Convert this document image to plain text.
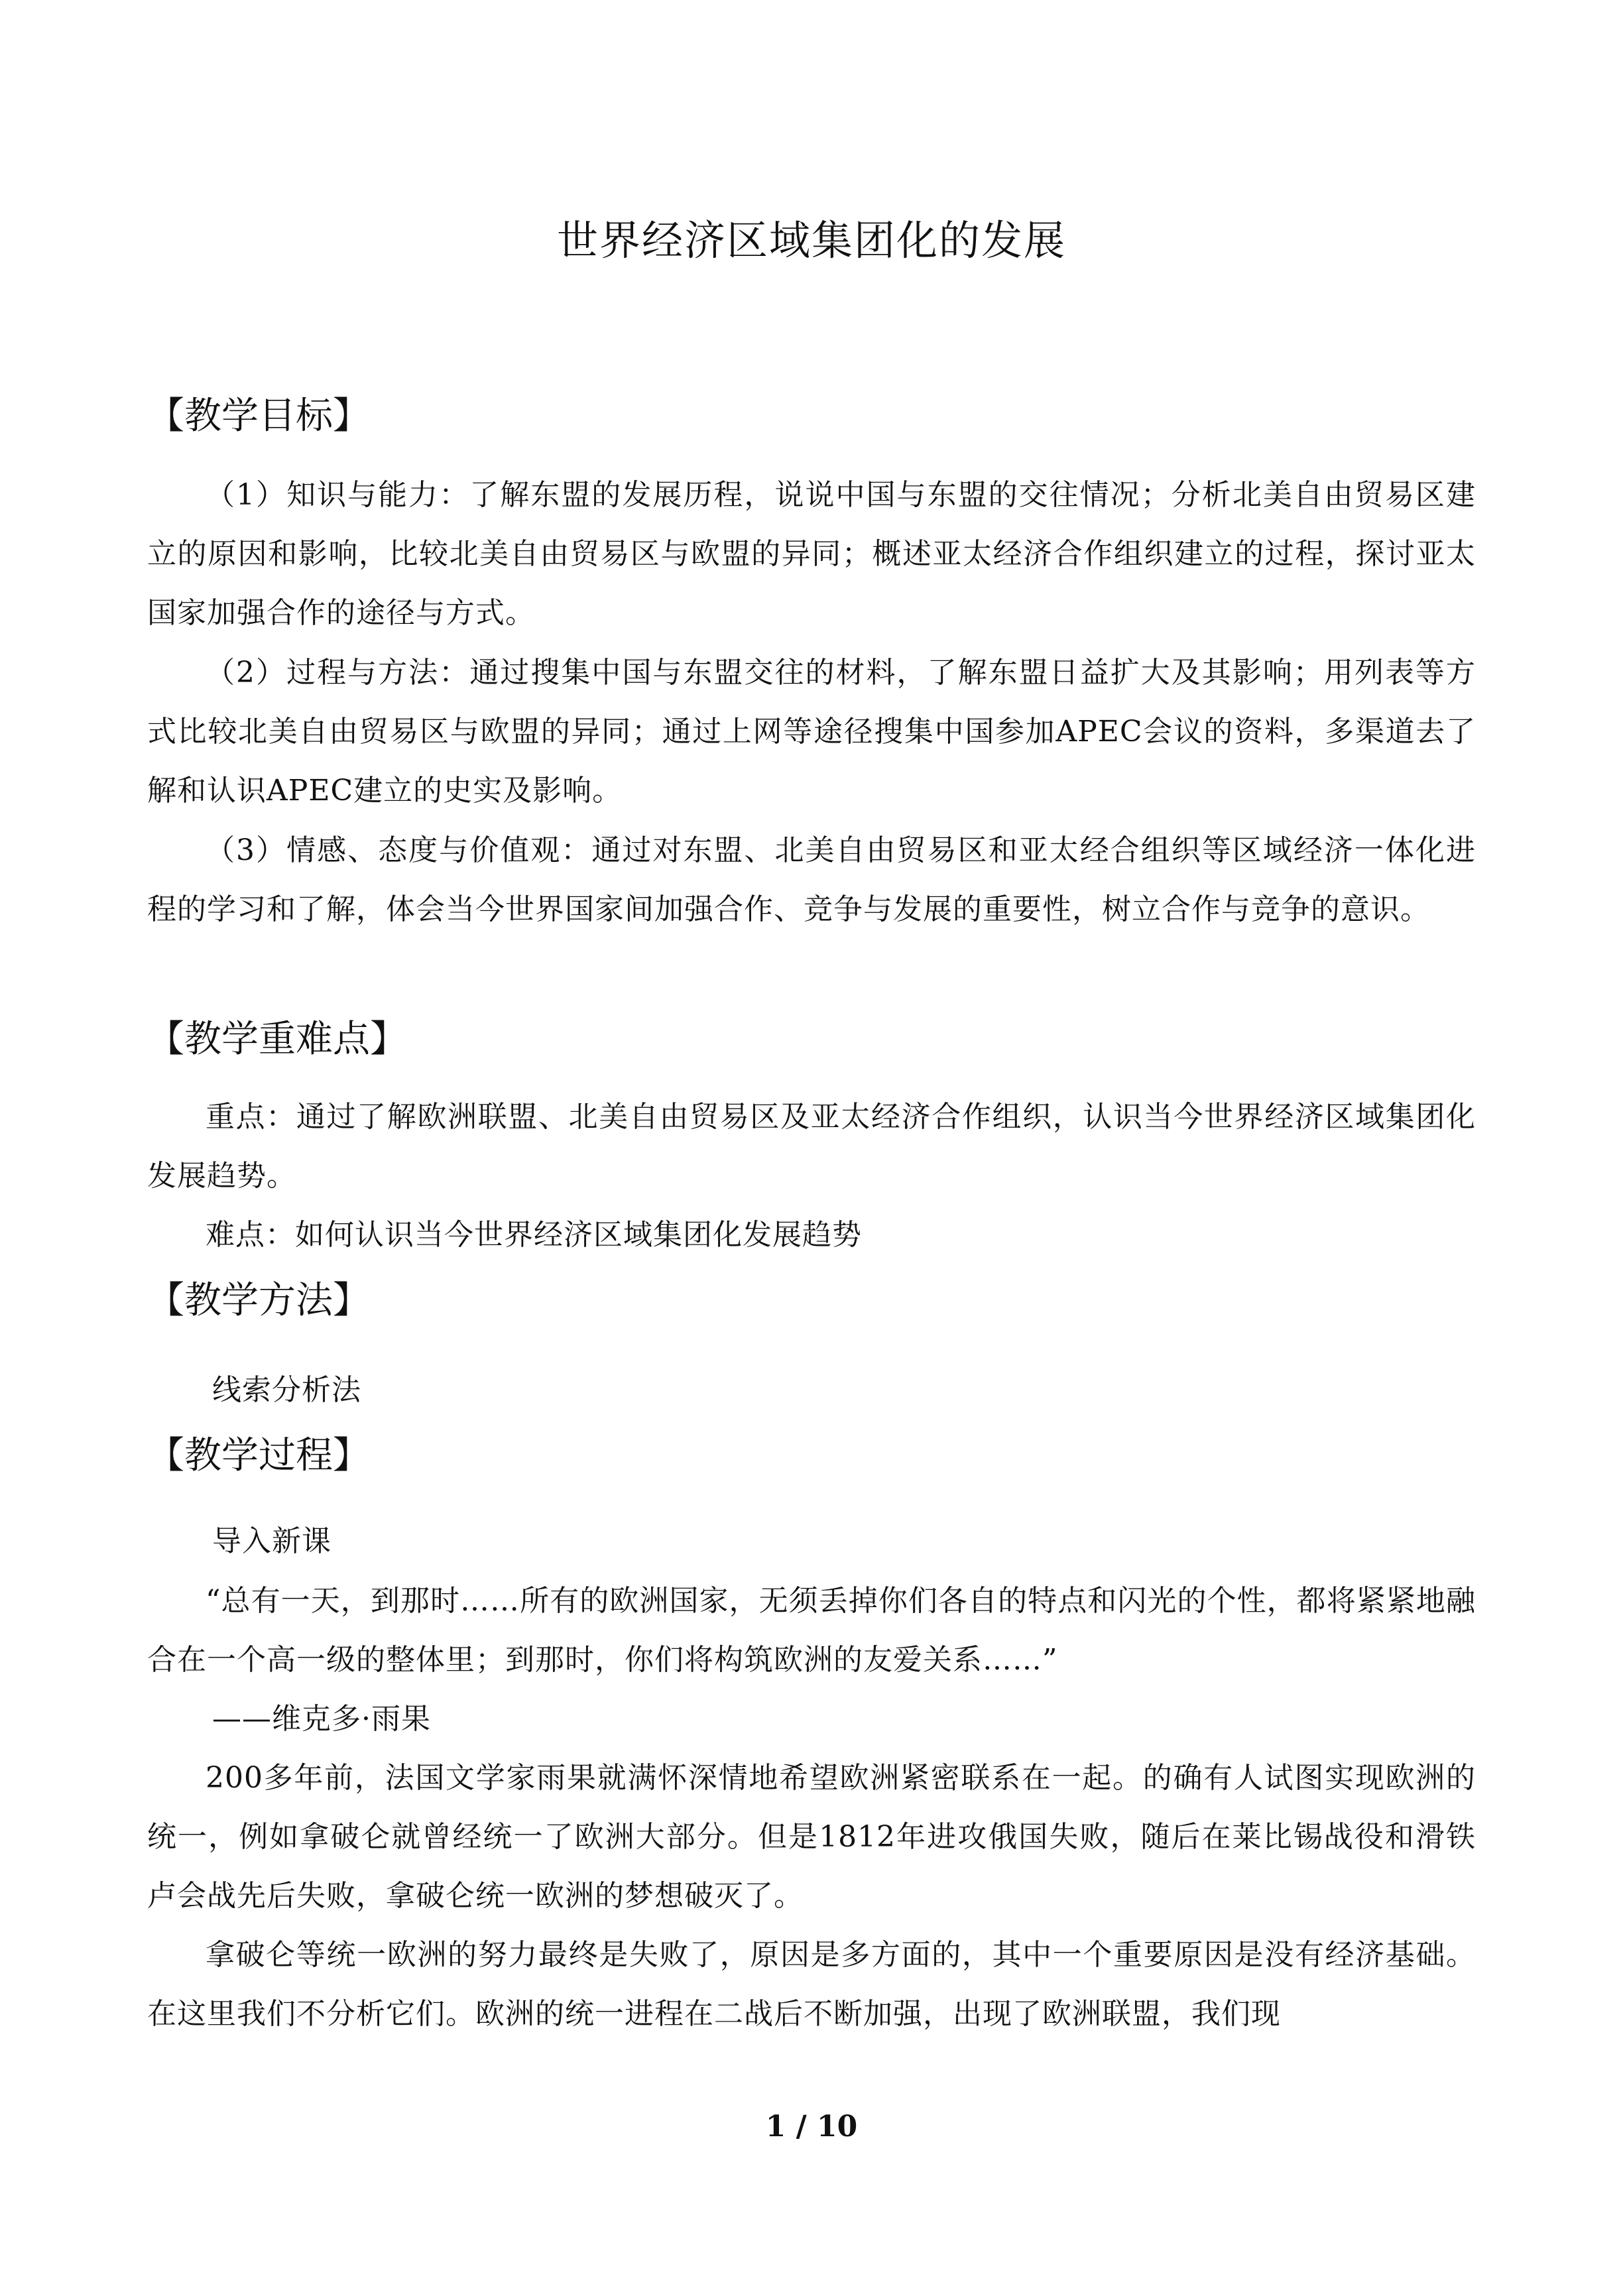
世界经济区域集团化的发展
【教学目标】
（1）知识与能力：了解东盟的发展历程，说说中国与东盟的交往情况；分析北美自由贸易区建立的原因和影响，比较北美自由贸易区与欧盟的异同；概述亚太经济合作组织建立的过程，探讨亚太国家加强合作的途径与方式。
（2）过程与方法：通过搜集中国与东盟交往的材料，了解东盟日益扩大及其影响；用列表等方式比较北美自由贸易区与欧盟的异同；通过上网等途径搜集中国参加APEC会议的资料，多渠道去了解和认识APEC建立的史实及影响。
（3）情感、态度与价值观：通过对东盟、北美自由贸易区和亚太经合组织等区域经济一体化进程的学习和了解，体会当今世界国家间加强合作、竞争与发展的重要性，树立合作与竞争的意识。
【教学重难点】
重点：通过了解欧洲联盟、北美自由贸易区及亚太经济合作组织，认识当今世界经济区域集团化发展趋势。
难点：如何认识当今世界经济区域集团化发展趋势
【教学方法】
线索分析法
【教学过程】
导入新课
“总有一天，到那时……所有的欧洲国家，无须丢掉你们各自的特点和闪光的个性，都将紧紧地融合在一个高一级的整体里；到那时，你们将构筑欧洲的友爱关系……”
——维克多·雨果
200多年前，法国文学家雨果就满怀深情地希望欧洲紧密联系在一起。的确有人试图实现欧洲的统一，例如拿破仑就曾经统一了欧洲大部分。但是1812年进攻俄国失败，随后在莱比锡战役和滑铁卢会战先后失败，拿破仑统一欧洲的梦想破灭了。
拿破仑等统一欧洲的努力最终是失败了，原因是多方面的，其中一个重要原因是没有经济基础。在这里我们不分析它们。欧洲的统一进程在二战后不断加强，出现了欧洲联盟，我们现
1 / 10
